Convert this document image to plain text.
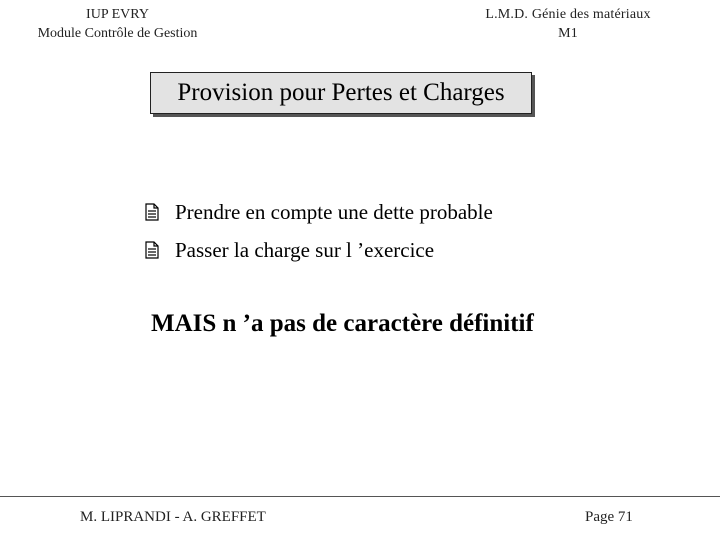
IUP EVRY
Module Contrôle de Gestion
L.M.D. Génie des matériaux
M1
Provision pour Pertes et Charges
Prendre en compte une dette probable
Passer la charge sur l ’exercice
MAIS n ’a pas de caractère définitif
M. LIPRANDI - A. GREFFET	Page 71
